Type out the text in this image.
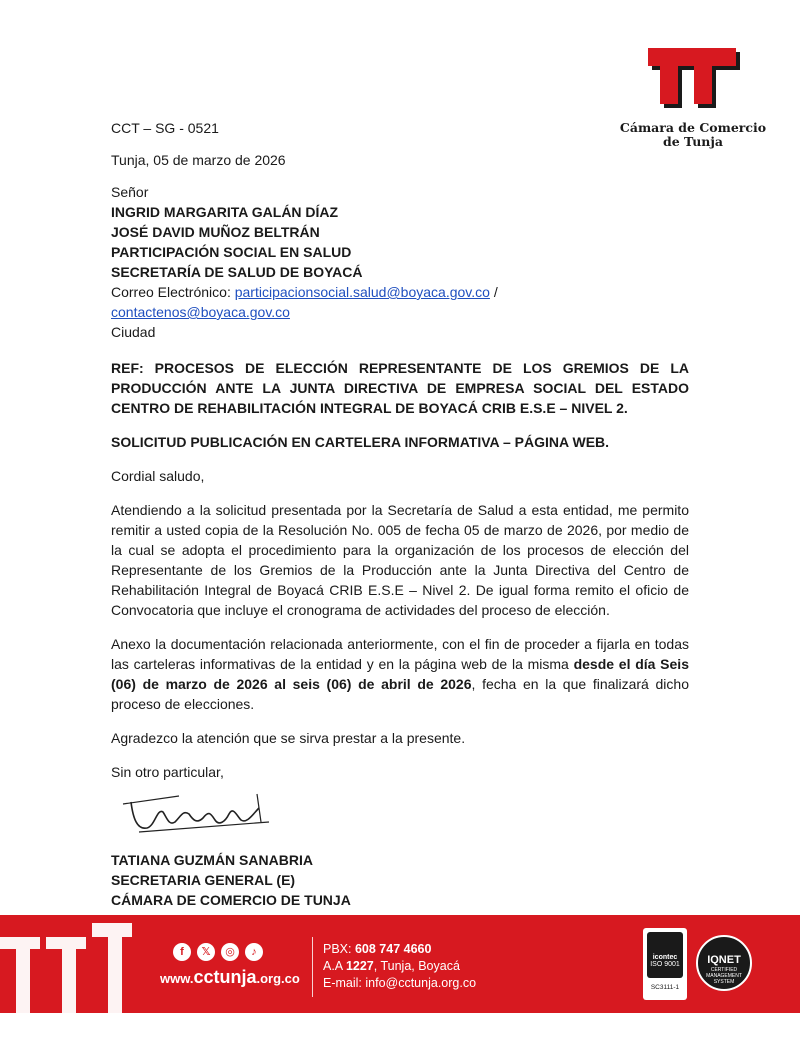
Cámara de Comercio
de Tunja

CCT – SG - 0521

Tunja, 05 de marzo de 2026

Señor

INGRID MARGARITA GALÁN DÍAZ

JOSÉ DAVID MUÑOZ BELTRÁN

PARTICIPACIÓN SOCIAL EN SALUD

SECRETARÍA DE SALUD DE BOYACÁ

Correo Electrónico: participacionsocial.salud@boyaca.gov.co /

contactenos@boyaca.gov.co

Ciudad

REF: PROCESOS DE ELECCIÓN REPRESENTANTE DE LOS GREMIOS DE LA PRODUCCIÓN ANTE LA JUNTA DIRECTIVA DE EMPRESA SOCIAL DEL ESTADO CENTRO DE REHABILITACIÓN INTEGRAL DE BOYACÁ CRIB E.S.E – NIVEL 2.

SOLICITUD PUBLICACIÓN EN CARTELERA INFORMATIVA – PÁGINA WEB.

Cordial saludo,

Atendiendo a la solicitud presentada por la Secretaría de Salud a esta entidad, me permito remitir a usted copia de la Resolución No. 005 de fecha 05 de marzo de 2026, por medio de la cual se adopta el procedimiento para la organización de los procesos de elección del Representante de los Gremios de la Producción ante la Junta Directiva del Centro de Rehabilitación Integral de Boyacá CRIB E.S.E – Nivel 2. De igual forma remito el oficio de Convocatoria que incluye el cronograma de actividades del proceso de elección.

Anexo la documentación relacionada anteriormente, con el fin de proceder a fijarla en todas las carteleras informativas de la entidad y en la página web de la misma desde el día Seis (06) de marzo de 2026 al seis (06) de abril de 2026, fecha en la que finalizará dicho proceso de elecciones.

Agradezco la atención que se sirva prestar a la presente.

Sin otro particular,

TATIANA GUZMÁN SANABRIA

SECRETARIA GENERAL (E)

CÁMARA DE COMERCIO DE TUNJA

f	𝕏	◎	♪
www.cctunja.org.co
PBX: 608 747 4660
A.A 1227, Tunja, Boyacá
E-mail: info@cctunja.org.co
icontec
ISO 9001
SC3111-1
IQNET
CERTIFIED MANAGEMENT SYSTEM
